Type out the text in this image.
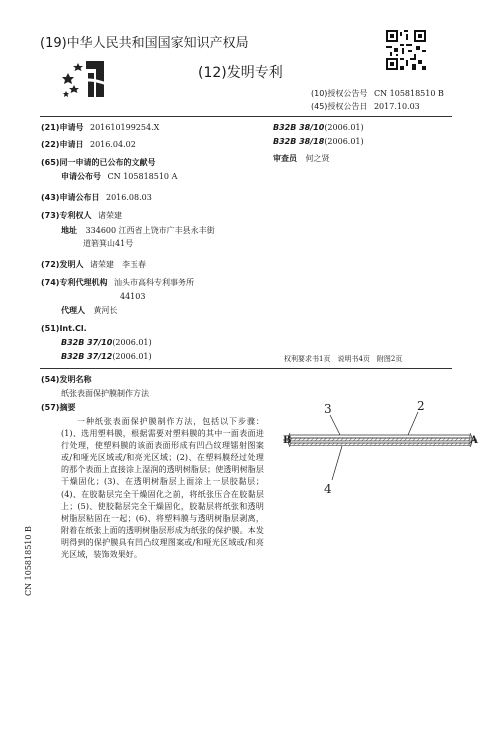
(19)中华人民共和国国家知识产权局
(12)发明专利
(10)授权公告号 CN 105818510 B
(45)授权公告日 2017.10.03
(21)申请号 201610199254.X
(22)申请日 2016.04.02
(65)同一申请的已公布的文献号
申请公布号 CN 105818510 A
(43)申请公布日 2016.08.03
(73)专利权人 诸荣建
地址 334600 江西省上饶市广丰县永丰街
道箬箕山41号
(72)发明人 诸荣建　李玉春
(74)专利代理机构 汕头市高科专利事务所
44103
代理人 黄河长
(51)Int.Cl.
B32B 37/10(2006.01)
B32B 37/12(2006.01)
B32B 38/10(2006.01)
B32B 38/18(2006.01)
审查员 何之贤
权利要求书1页　说明书4页　附图2页
(54)发明名称
纸张表面保护膜制作方法
(57)摘要
一种纸张表面保护膜制作方法，包括以下步骤：(1)、选用塑料膜，根据需要对塑料膜的其中一面表面进行处理，使塑料膜的该面表面形成有凹凸纹理镭射图案或/和哑光区域或/和亮光区域；(2)、在塑料膜经过处理的那个表面上直接涂上湿润的透明树脂层；使透明树脂层干燥固化；(3)、在透明树脂层上面涂上一层胶黏层；(4)、在胶黏层完全干燥固化之前，将纸张压合在胶黏层上；(5)、使胶黏层完全干燥固化，胶黏层将纸张和透明树脂层粘固在一起；(6)、将塑料膜与透明树脂层剥离，附着在纸张上面的透明树脂层形成为纸张的保护膜。本发明得到的保护膜具有凹凸纹理图案或/和哑光区域或/和亮光区域，装饰效果好。
3	2
B	A
4
CN 105818510 B
